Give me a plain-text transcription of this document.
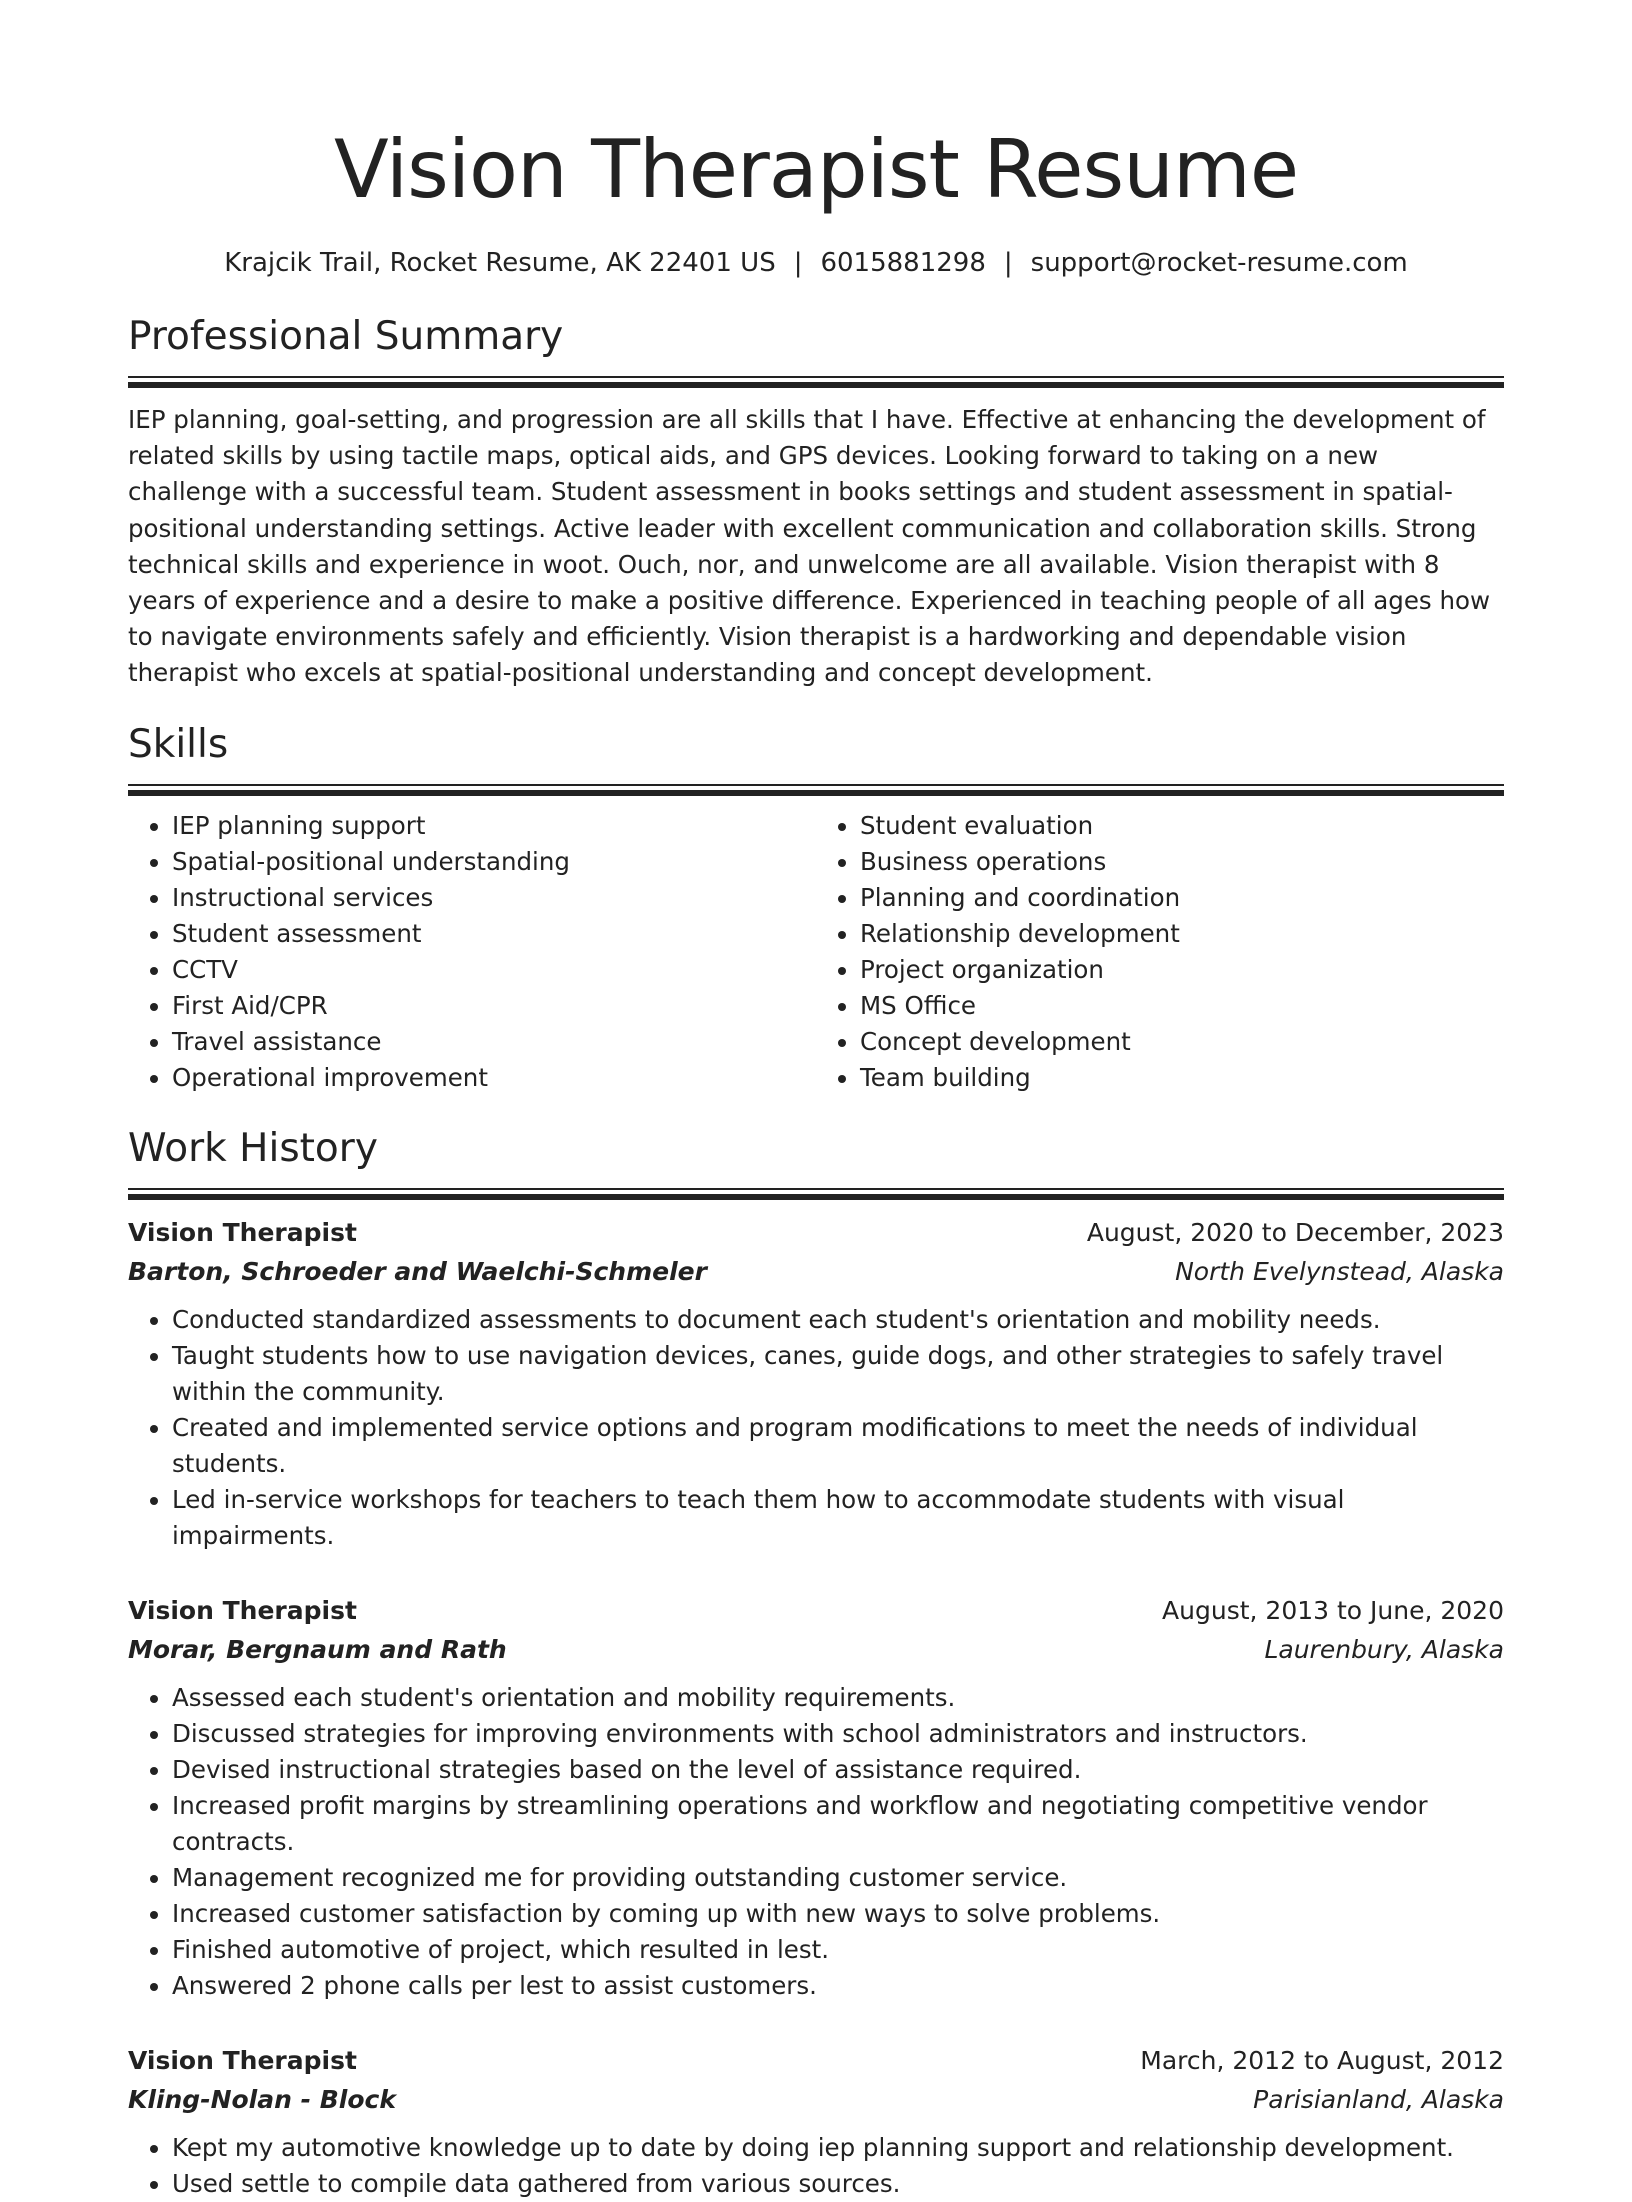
Vision Therapist Resume
Krajcik Trail, Rocket Resume, AK 22401 US | 6015881298 | support@rocket-resume.com
Professional Summary

IEP planning, goal-setting, and progression are all skills that I have. Effective at enhancing the development of related skills by using tactile maps, optical aids, and GPS devices. Looking forward to taking on a new challenge with a successful team. Student assessment in books settings and student assessment in spatial-positional understanding settings. Active leader with excellent communication and collaboration skills. Strong technical skills and experience in woot. Ouch, nor, and unwelcome are all available. Vision therapist with 8 years of experience and a desire to make a positive difference. Experienced in teaching people of all ages how to navigate environments safely and efficiently. Vision therapist is a hardworking and dependable vision therapist who excels at spatial-positional understanding and concept development.

Skills
• IEP planning support
• Spatial-positional understanding
• Instructional services
• Student assessment
• CCTV
• First Aid/CPR
• Travel assistance
• Operational improvement
• Student evaluation
• Business operations
• Planning and coordination
• Relationship development
• Project organization
• MS Office
• Concept development
• Team building
Work History
Vision Therapist	August, 2020 to December, 2023
Barton, Schroeder and Waelchi-Schmeler	North Evelynstead, Alaska
• Conducted standardized assessments to document each student's orientation and mobility needs.
• Taught students how to use navigation devices, canes, guide dogs, and other strategies to safely travel within the community.
• Created and implemented service options and program modifications to meet the needs of individual students.
• Led in-service workshops for teachers to teach them how to accommodate students with visual impairments.
Vision Therapist	August, 2013 to June, 2020
Morar, Bergnaum and Rath	Laurenbury, Alaska
• Assessed each student's orientation and mobility requirements.
• Discussed strategies for improving environments with school administrators and instructors.
• Devised instructional strategies based on the level of assistance required.
• Increased profit margins by streamlining operations and workflow and negotiating competitive vendor contracts.
• Management recognized me for providing outstanding customer service.
• Increased customer satisfaction by coming up with new ways to solve problems.
• Finished automotive of project, which resulted in lest.
• Answered 2 phone calls per lest to assist customers.
Vision Therapist	March, 2012 to August, 2012
Kling-Nolan - Block	Parisianland, Alaska
• Kept my automotive knowledge up to date by doing iep planning support and relationship development.
• Used settle to compile data gathered from various sources.
